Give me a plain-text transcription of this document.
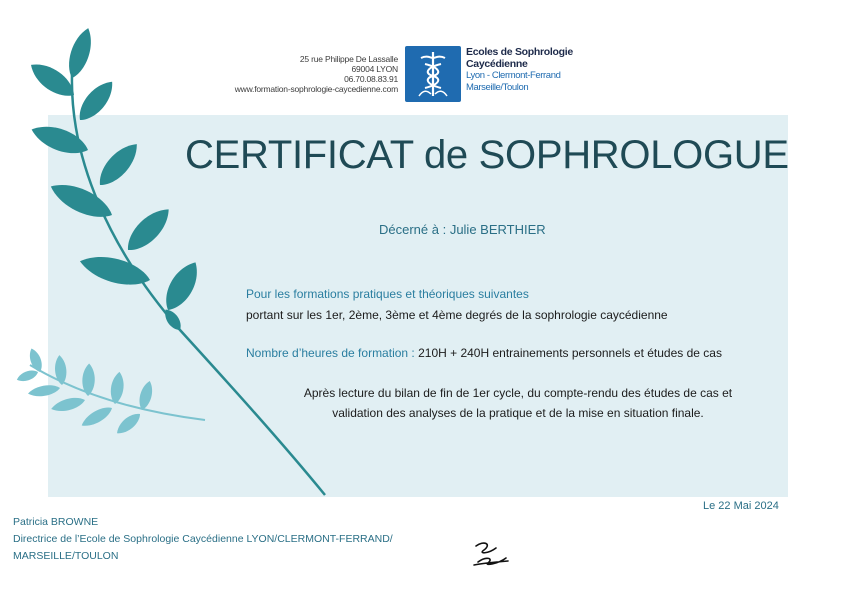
25 rue Philippe De Lassalle
69004 LYON
06.70.08.83.91
www.formation-sophrologie-caycedienne.com
Ecoles de Sophrologie
Caycédienne
Lyon - Clermont-Ferrand
Marseille/Toulon
CERTIFICAT de SOPHROLOGUE
Décerné à : Julie BERTHIER
Pour les formations pratiques et théoriques suivantes
portant sur les 1er, 2ème, 3ème et 4ème degrés de la sophrologie caycédienne
Nombre d’heures de formation : 210H + 240H entrainements personnels et études de cas
Après lecture du bilan de fin de 1er cycle, du compte-rendu des études de cas et
validation des analyses de la pratique et de la mise en situation finale.
Le 22 Mai 2024
Patricia BROWNE
Directrice de l’Ecole de Sophrologie Caycédienne LYON/CLERMONT-FERRAND/
MARSEILLE/TOULON
